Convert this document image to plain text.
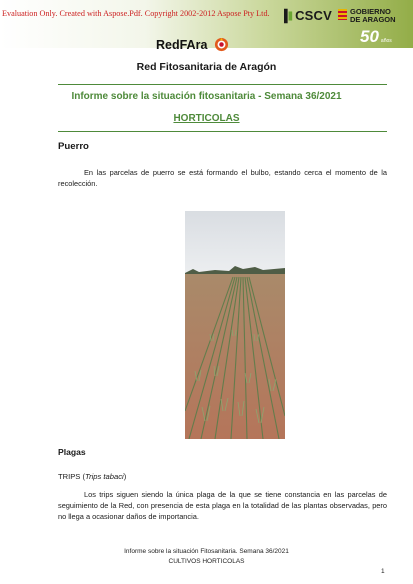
Evaluation Only. Created with Aspose.Pdf. Copyright 2002-2012 Aspose Pty Ltd. CSCV GOBIERNO
DE ARAGON
50 años
RedFAra
Red Fitosanitaria de Aragón
Informe sobre la situación fitosanitaria - Semana 36/2021
HORTICOLAS
Puerro
En las parcelas de puerro se está formando el bulbo, estando cerca el momento de la recolección.
Plagas
TRIPS (Trips tabaci)
Los trips siguen siendo la única plaga de la que se tiene constancia en las parcelas de seguimiento de la Red, con presencia de esta plaga en la totalidad de las plantas observadas, pero no llega a ocasionar daños de importancia.
Informe sobre la situación Fitosanitaria. Semana 36/2021
CULTIVOS HORTICOLAS
1
